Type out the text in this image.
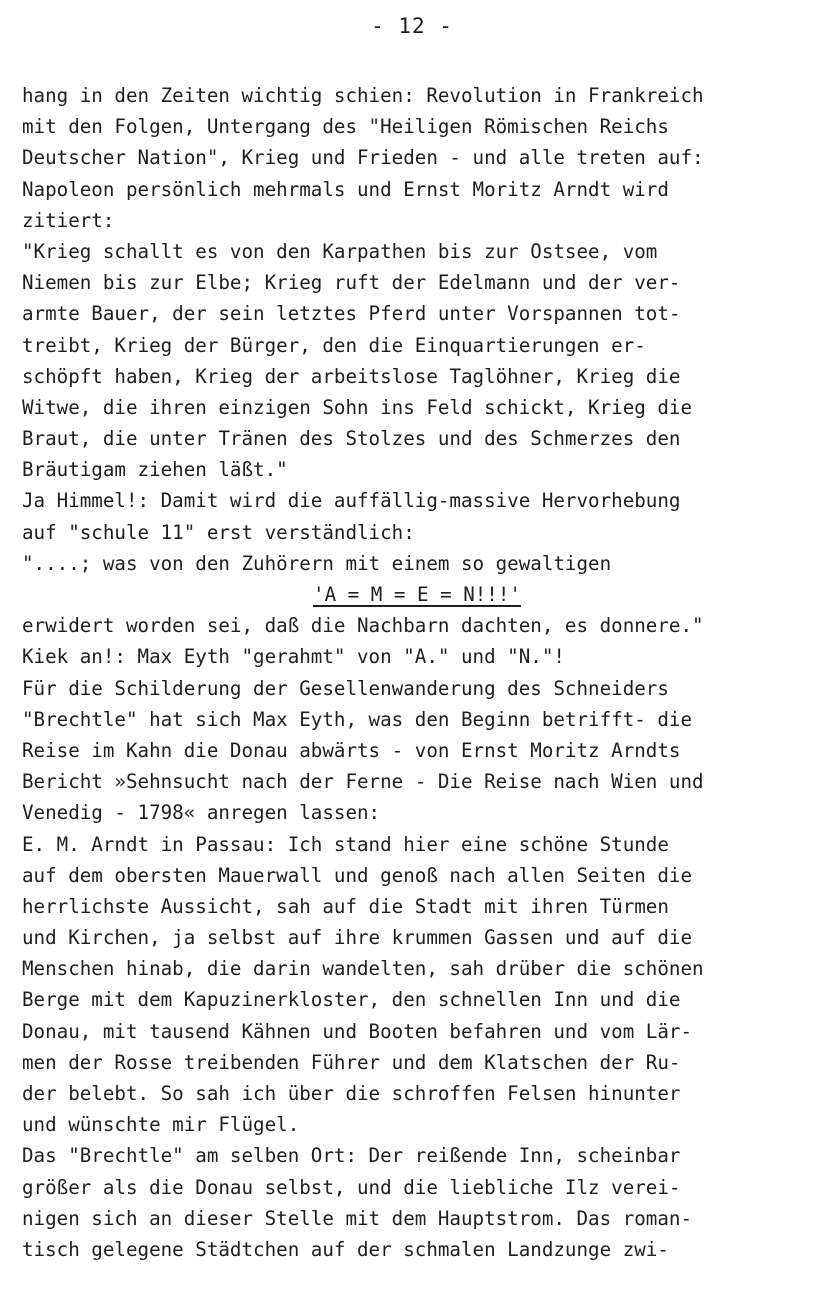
- 12 -
hang in den Zeiten wichtig schien: Revolution in Frankreich
mit den Folgen, Untergang des "Heiligen Römischen Reichs
Deutscher Nation", Krieg und Frieden - und alle treten auf:
Napoleon persönlich mehrmals und Ernst Moritz Arndt wird
zitiert:
"Krieg schallt es von den Karpathen bis zur Ostsee, vom
Niemen bis zur Elbe; Krieg ruft der Edelmann und der ver-
armte Bauer, der sein letztes Pferd unter Vorspannen tot-
treibt, Krieg der Bürger, den die Einquartierungen er-
schöpft haben, Krieg der arbeitslose Taglöhner, Krieg die
Witwe, die ihren einzigen Sohn ins Feld schickt, Krieg die
Braut, die unter Tränen des Stolzes und des Schmerzes den
Bräutigam ziehen läßt."
Ja Himmel!: Damit wird die auffällig-massive Hervorhebung
auf "schule 11" erst verständlich:
"....; was von den Zuhörern mit einem so gewaltigen
'A = M = E = N!!!'
erwidert worden sei, daß die Nachbarn dachten, es donnere."
Kiek an!: Max Eyth "gerahmt" von "A." und "N."!
Für die Schilderung der Gesellenwanderung des Schneiders
"Brechtle" hat sich Max Eyth, was den Beginn betrifft- die
Reise im Kahn die Donau abwärts - von Ernst Moritz Arndts
Bericht »Sehnsucht nach der Ferne - Die Reise nach Wien und
Venedig - 1798« anregen lassen:
E. M. Arndt in Passau: Ich stand hier eine schöne Stunde
auf dem obersten Mauerwall und genoß nach allen Seiten die
herrlichste Aussicht, sah auf die Stadt mit ihren Türmen
und Kirchen, ja selbst auf ihre krummen Gassen und auf die
Menschen hinab, die darin wandelten, sah drüber die schönen
Berge mit dem Kapuzinerkloster, den schnellen Inn und die
Donau, mit tausend Kähnen und Booten befahren und vom Lär-
men der Rosse treibenden Führer und dem Klatschen der Ru-
der belebt. So sah ich über die schroffen Felsen hinunter
und wünschte mir Flügel.
Das "Brechtle" am selben Ort: Der reißende Inn, scheinbar
größer als die Donau selbst, und die liebliche Ilz verei-
nigen sich an dieser Stelle mit dem Hauptstrom. Das roman-
tisch gelegene Städtchen auf der schmalen Landzunge zwi-
